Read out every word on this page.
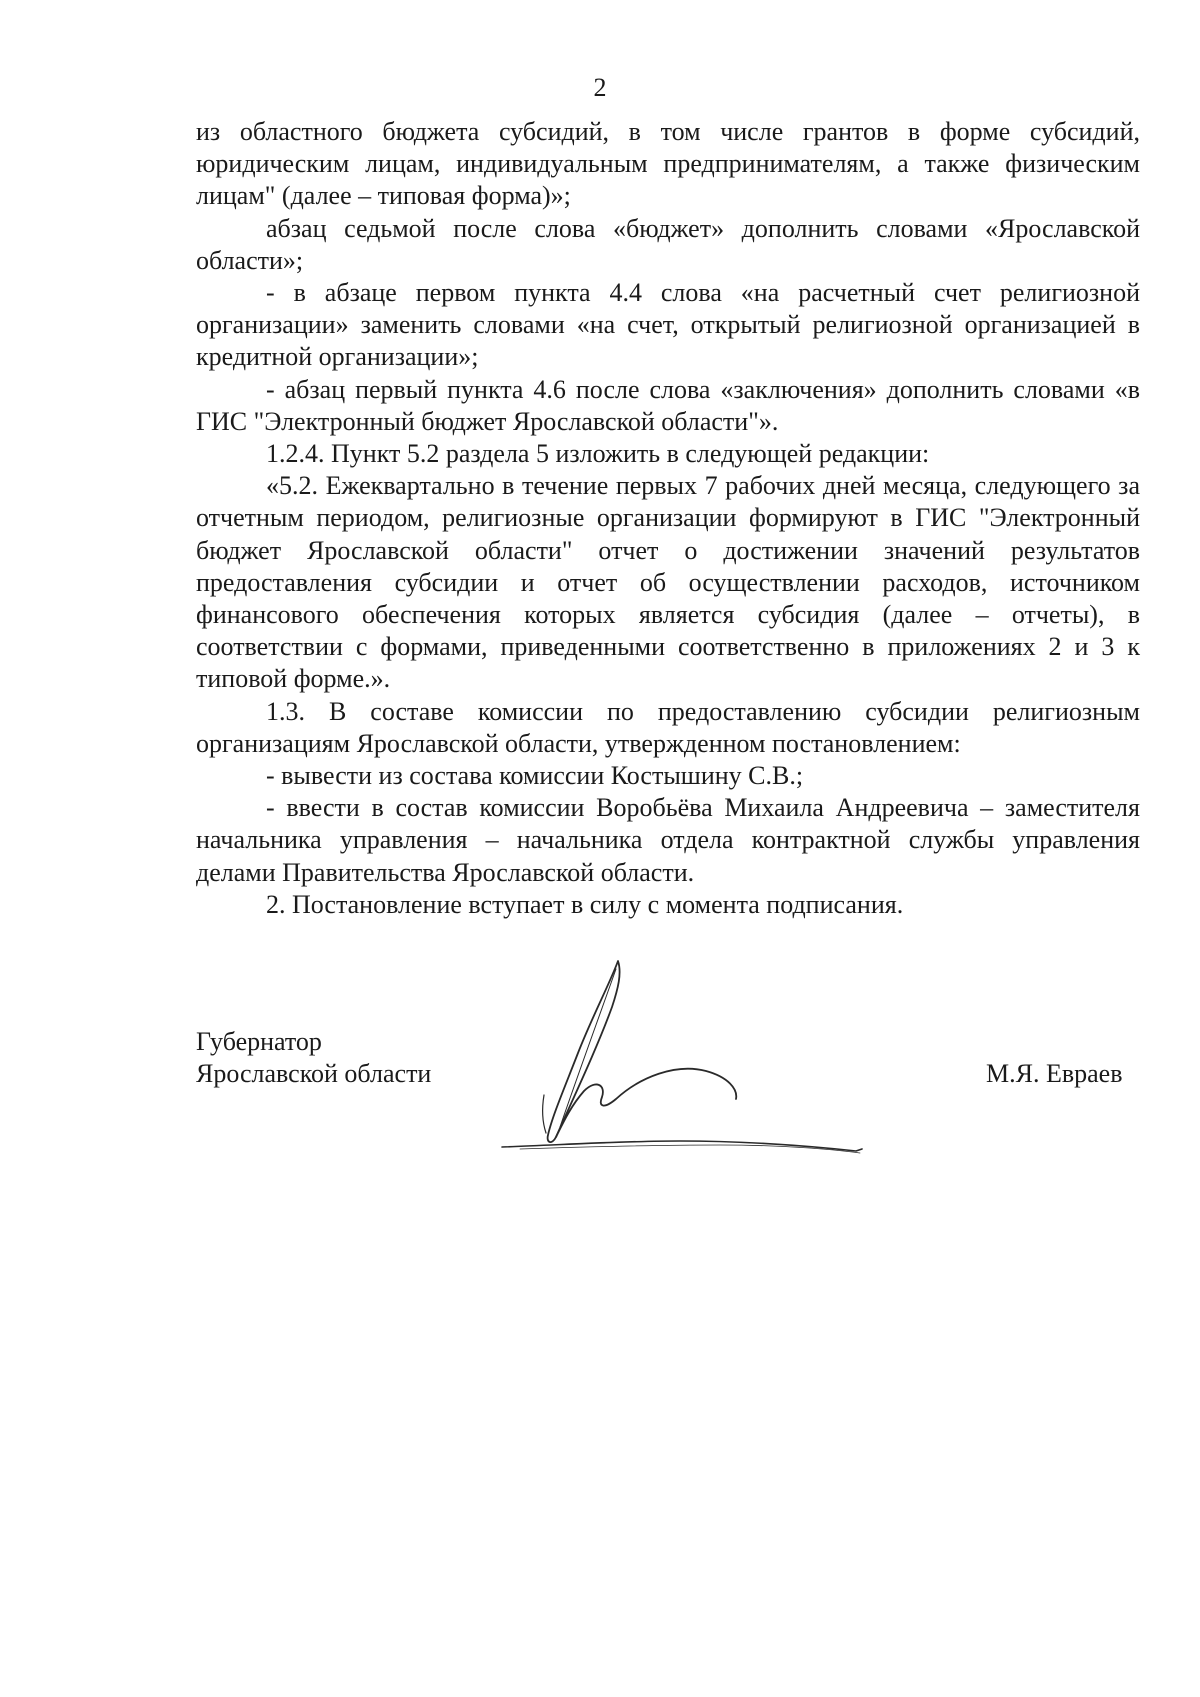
2

из областного бюджета субсидий, в том числе грантов в форме субсидий, юридическим лицам, индивидуальным предпринимателям, а также физическим лицам" (далее – типовая форма)»;

абзац седьмой после слова «бюджет» дополнить словами «Ярославской области»;

- в абзаце первом пункта 4.4 слова «на расчетный счет религиозной организации» заменить словами «на счет, открытый религиозной организацией в кредитной организации»;

- абзац первый пункта 4.6 после слова «заключения» дополнить словами «в ГИС "Электронный бюджет Ярославской области"».

1.2.4. Пункт 5.2 раздела 5 изложить в следующей редакции:

«5.2. Ежеквартально в течение первых 7 рабочих дней месяца, следующего за отчетным периодом, религиозные организации формируют в ГИС "Электронный бюджет Ярославской области" отчет о достижении значений результатов предоставления субсидии и отчет об осуществлении расходов, источником финансового обеспечения которых является субсидия (далее – отчеты), в соответствии с формами, приведенными соответственно в приложениях 2 и 3 к типовой форме.».

1.3. В составе комиссии по предоставлению субсидии религиозным организациям Ярославской области, утвержденном постановлением:

- вывести из состава комиссии Костышину С.В.;

- ввести в состав комиссии Воробьёва Михаила Андреевича – заместителя начальника управления – начальника отдела контрактной службы управления делами Правительства Ярославской области.

2. Постановление вступает в силу с момента подписания.

Губернатор
Ярославской области	М.Я. Евраев
